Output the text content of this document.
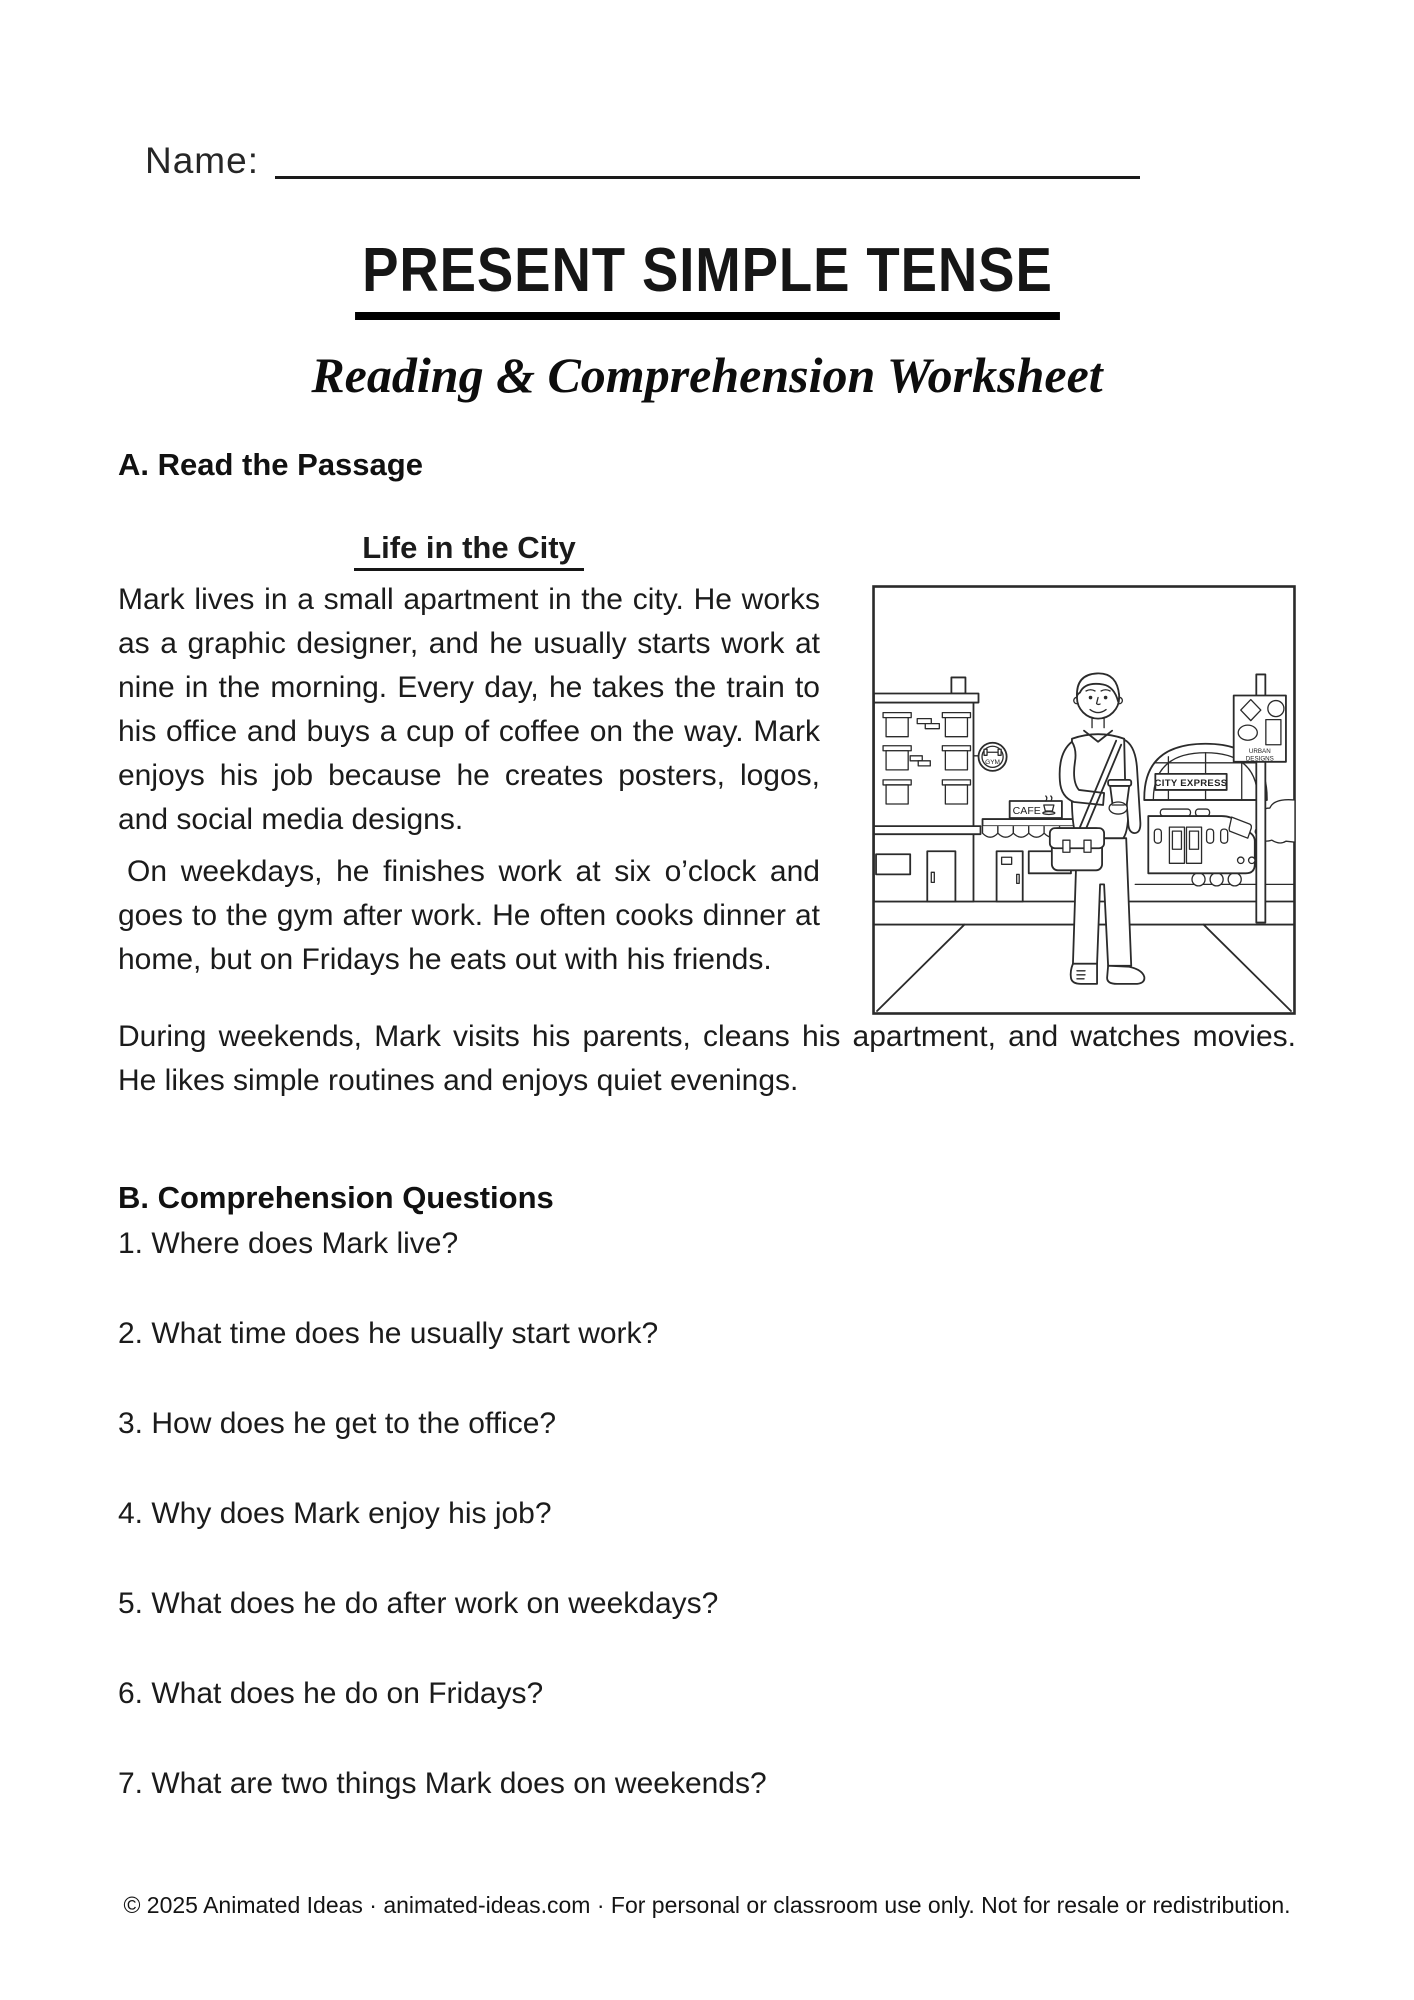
Name:
PRESENT SIMPLE TENSE
Reading & Comprehension Worksheet
A. Read the Passage
GYM
CAFE
CITY EXPRESS
URBAN
DESIGNS
Life in the City

Mark lives in a small apartment in the city. He works as a graphic designer, and he usually starts work at nine in the morning. Every day, he takes the train to his office and buys a cup of coffee on the way. Mark enjoys his job because he creates posters, logos, and social media designs.

On weekdays, he finishes work at six o’clock and goes to the gym after work. He often cooks dinner at home, but on Fridays he eats out with his friends.

During weekends, Mark visits his parents, cleans his apartment, and watches movies. He likes simple routines and enjoys quiet evenings.

B. Comprehension Questions
1. Where does Mark live?
2. What time does he usually start work?
3. How does he get to the office?
4. Why does Mark enjoy his job?
5. What does he do after work on weekdays?
6. What does he do on Fridays?
7. What are two things Mark does on weekends?
© 2025 Animated Ideas · animated-ideas.com · For personal or classroom use only. Not for resale or redistribution.
